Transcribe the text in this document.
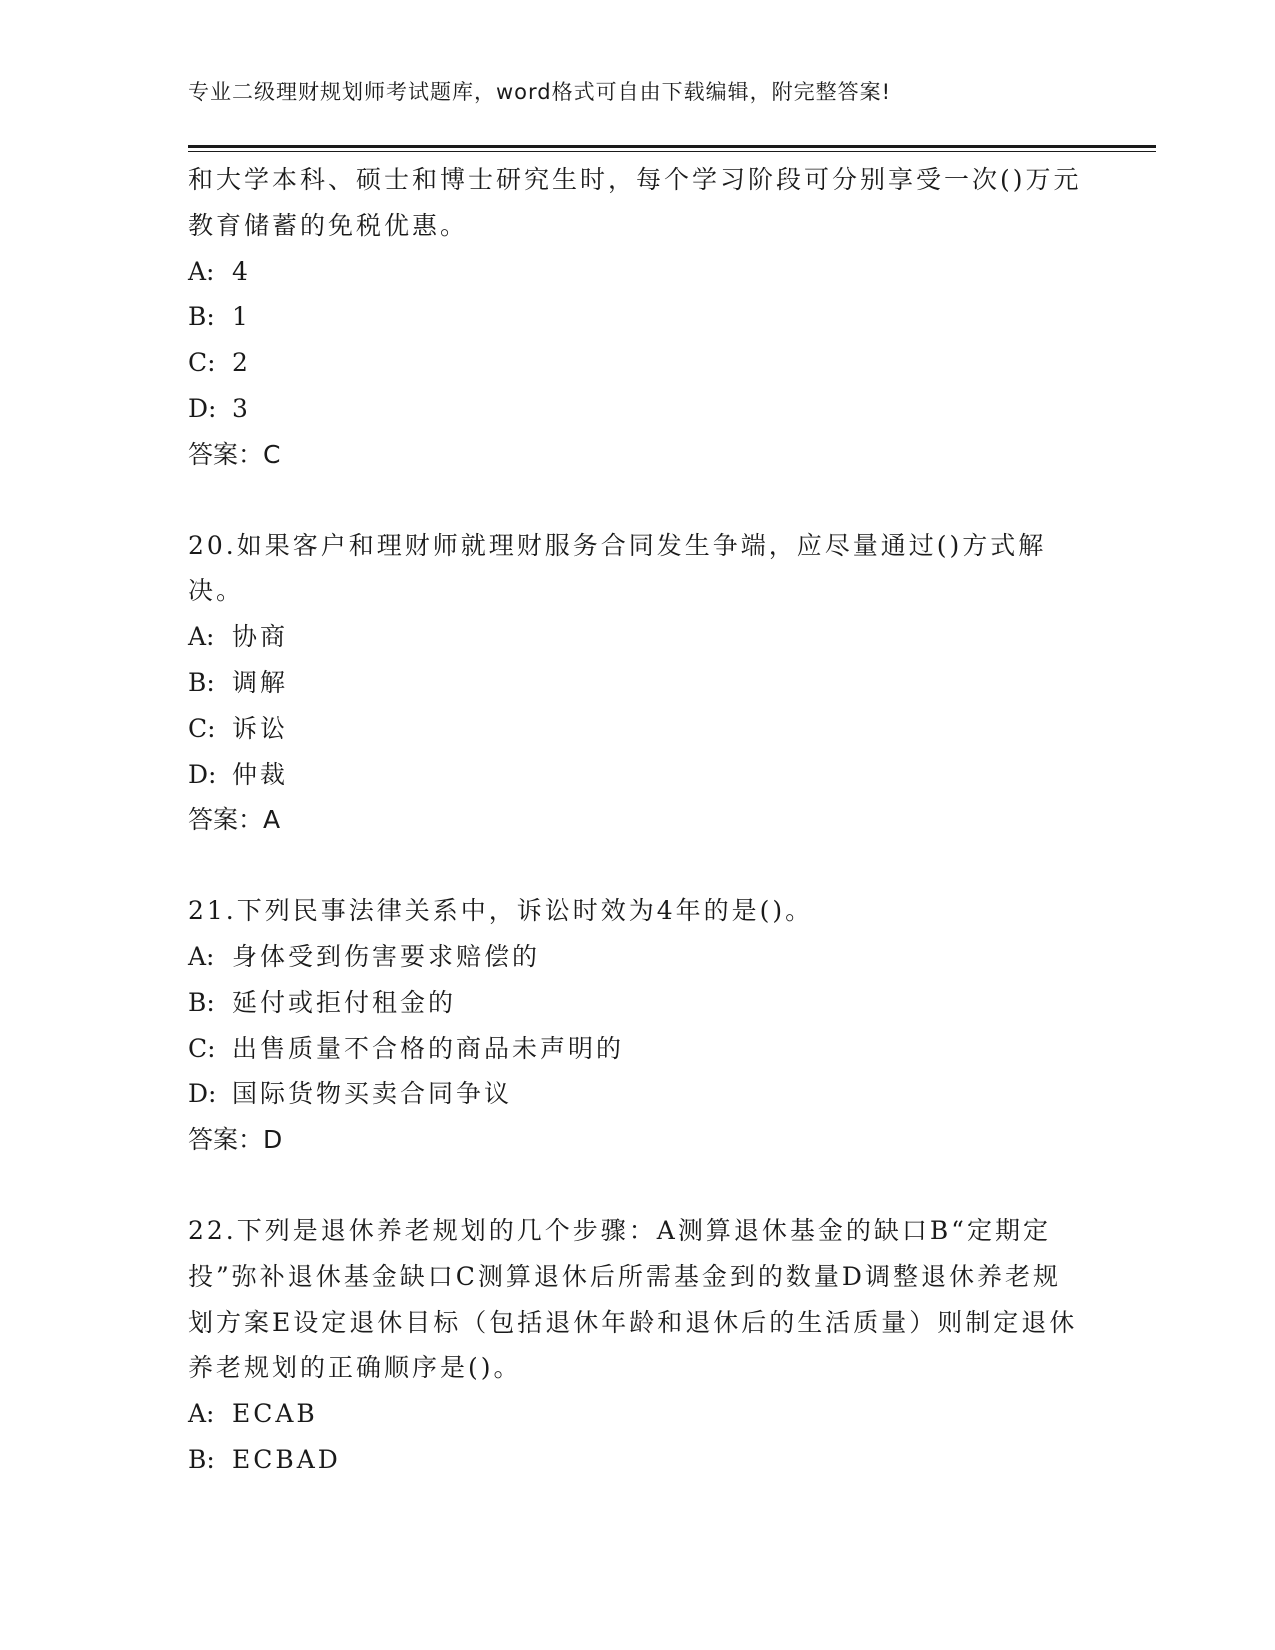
专业二级理财规划师考试题库，word格式可自由下载编辑，附完整答案!
和大学本科、硕士和博士研究生时，每个学习阶段可分别享受一次()万元教育储蓄的免税优惠。
A: 4
B: 1
C: 2
D: 3
答案：C
20.如果客户和理财师就理财服务合同发生争端，应尽量通过()方式解决。
A: 协商
B: 调解
C: 诉讼
D: 仲裁
答案：A
21.下列民事法律关系中，诉讼时效为4年的是()。
A: 身体受到伤害要求赔偿的
B: 延付或拒付租金的
C: 出售质量不合格的商品未声明的
D: 国际货物买卖合同争议
答案：D
22.下列是退休养老规划的几个步骤：A测算退休基金的缺口B“定期定投”弥补退休基金缺口C测算退休后所需基金到的数量D调整退休养老规划方案E设定退休目标（包括退休年龄和退休后的生活质量）则制定退休养老规划的正确顺序是()。
A: ECAB
B: ECBAD
